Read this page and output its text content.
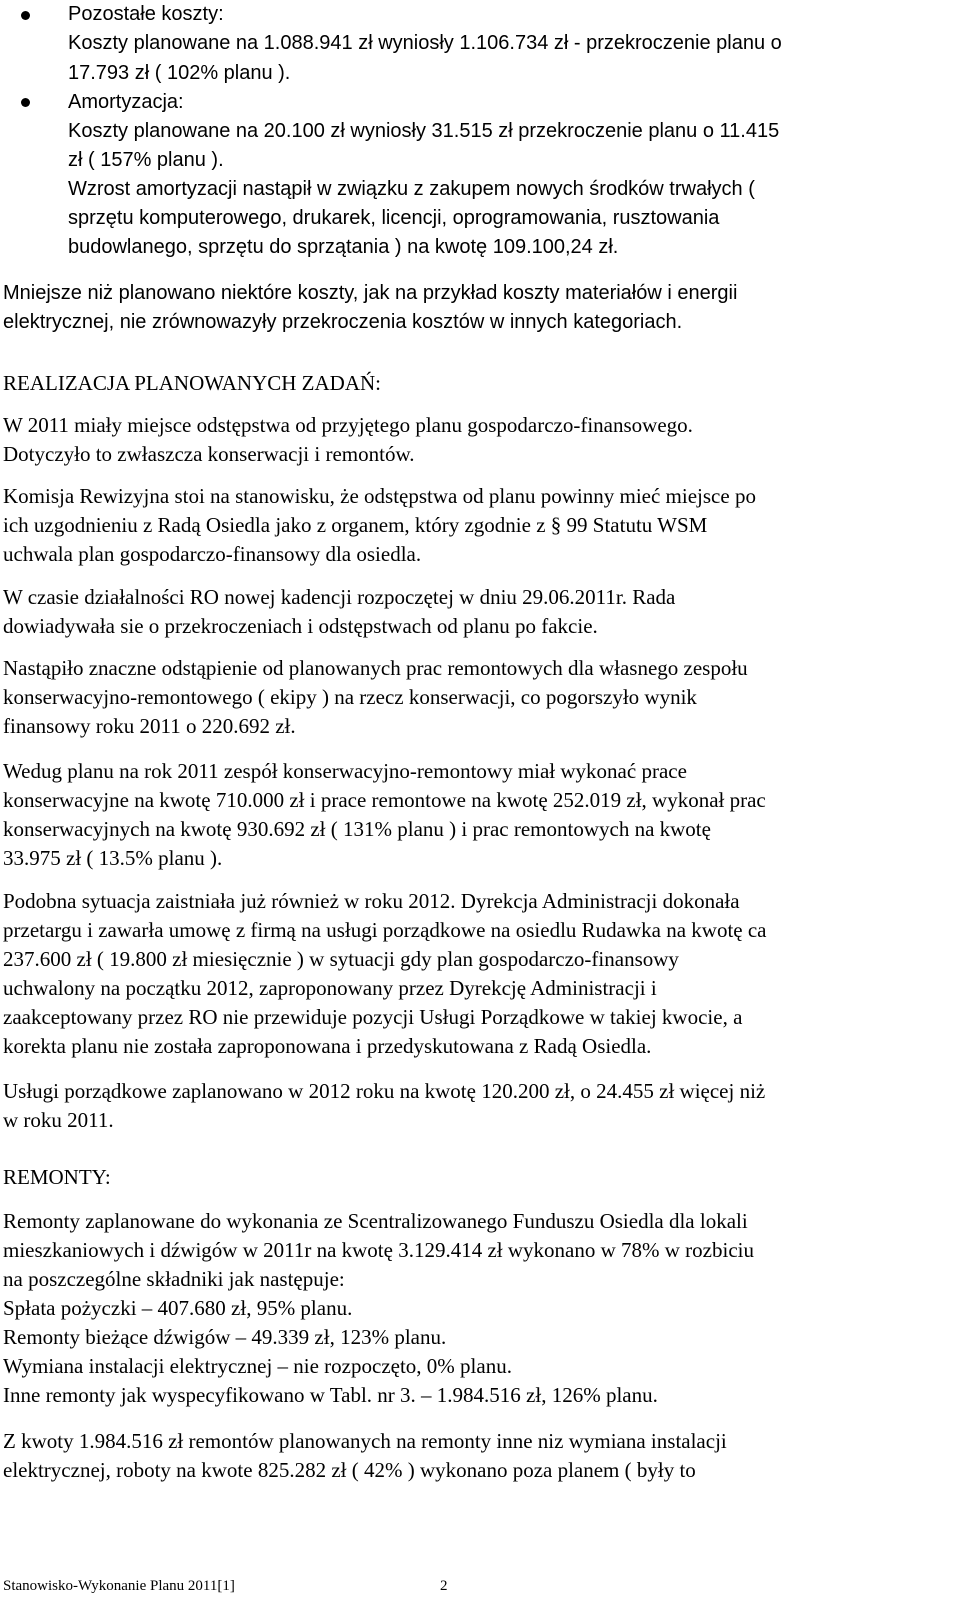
Pozostałe koszty:

Koszty planowane na 1.088.941 zł wyniosły 1.106.734 zł - przekroczenie planu o

17.793 zł ( 102% planu ).

Amortyzacja:

Koszty planowane na 20.100 zł wyniosły 31.515 zł przekroczenie planu o 11.415

zł ( 157% planu ).

Wzrost amortyzacji nastąpił w związku z zakupem nowych środków trwałych (

sprzętu komputerowego, drukarek, licencji, oprogramowania, rusztowania

budowlanego, sprzętu do sprzątania ) na kwotę 109.100,24 zł.

Mniejsze niż planowano niektóre koszty, jak na przykład koszty materiałów i energii

elektrycznej, nie zrównowazyły przekroczenia kosztów w innych kategoriach.

REALIZACJA PLANOWANYCH ZADAŃ:

W 2011 miały miejsce odstępstwa od przyjętego planu gospodarczo-finansowego.

Dotyczyło to zwłaszcza konserwacji i remontów.

Komisja Rewizyjna stoi na stanowisku, że odstępstwa od planu powinny mieć miejsce po

ich uzgodnieniu z Radą Osiedla jako z organem, który zgodnie z § 99 Statutu WSM

uchwala plan gospodarczo-finansowy dla osiedla.

W czasie działalności RO nowej kadencji rozpoczętej w dniu 29.06.2011r. Rada

dowiadywała sie o przekroczeniach i odstępstwach od planu po fakcie.

Nastąpiło znaczne odstąpienie od planowanych prac remontowych dla własnego zespołu

konserwacyjno-remontowego ( ekipy ) na rzecz konserwacji, co pogorszyło wynik

finansowy roku 2011 o 220.692 zł.

Wedug planu na rok 2011 zespół konserwacyjno-remontowy miał wykonać prace

konserwacyjne na kwotę 710.000 zł i prace remontowe na kwotę 252.019 zł, wykonał prac

konserwacyjnych na kwotę 930.692 zł ( 131% planu ) i prac remontowych na kwotę

33.975 zł ( 13.5% planu ).

Podobna sytuacja zaistniała już również w roku 2012. Dyrekcja Administracji dokonała

przetargu i zawarła umowę z firmą na usługi porządkowe na osiedlu Rudawka na kwotę ca

237.600 zł ( 19.800 zł miesięcznie ) w sytuacji gdy plan gospodarczo-finansowy

uchwalony na początku 2012, zaproponowany przez Dyrekcję Administracji i

zaakceptowany przez RO nie przewiduje pozycji Usługi Porządkowe w takiej kwocie, a

korekta planu nie została zaproponowana i przedyskutowana z Radą Osiedla.

Usługi porządkowe zaplanowano w 2012 roku na kwotę 120.200 zł, o 24.455 zł więcej niż

w roku 2011.

REMONTY:

Remonty zaplanowane do wykonania ze Scentralizowanego Funduszu Osiedla dla lokali

mieszkaniowych i dźwigów w 2011r na kwotę 3.129.414 zł wykonano w 78% w rozbiciu

na poszczególne składniki jak następuje:

Spłata pożyczki – 407.680 zł, 95% planu.

Remonty bieżące dźwigów – 49.339 zł, 123% planu.

Wymiana instalacji elektrycznej – nie rozpoczęto, 0% planu.

Inne remonty jak wyspecyfikowano w Tabl. nr 3. – 1.984.516 zł, 126% planu.

Z kwoty 1.984.516 zł remontów planowanych na remonty inne niz wymiana instalacji

elektrycznej, roboty na kwote 825.282 zł ( 42% ) wykonano poza planem ( były to

Stanowisko-Wykonanie Planu 2011[1]	2
